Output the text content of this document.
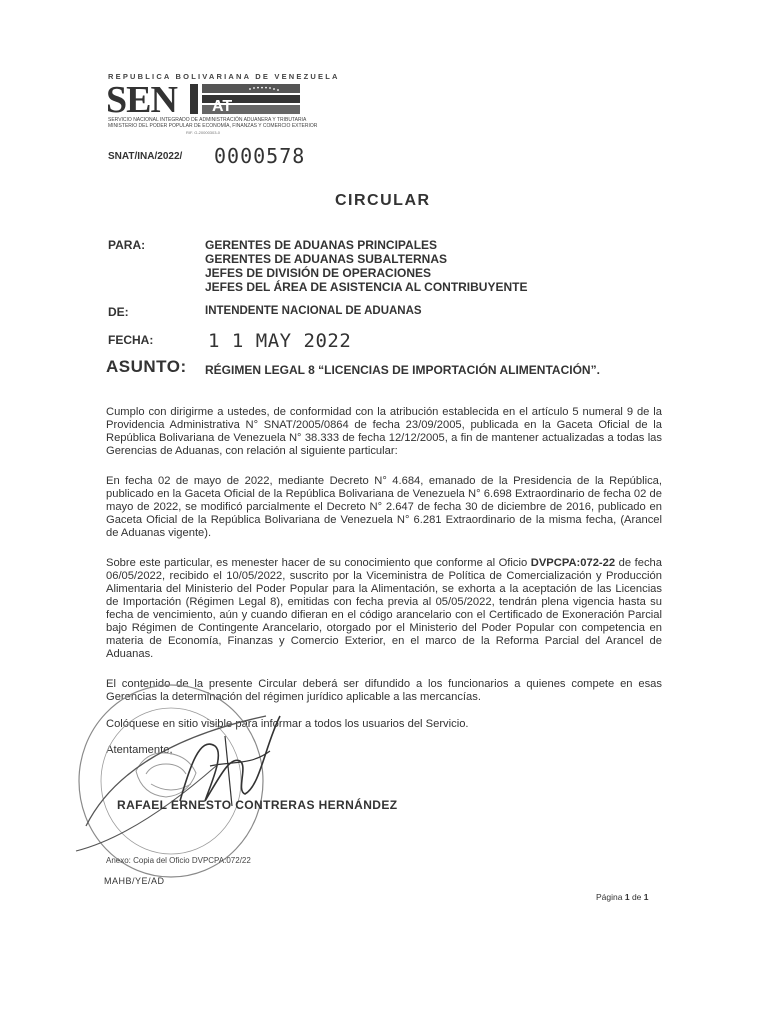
REPUBLICA BOLIVARIANA DE VENEZUELA
SEN AT
SERVICIO NACIONAL INTEGRADO DE ADMINISTRACIÓN ADUANERA Y TRIBUTARIA
MINISTERIO DEL PODER POPULAR DE ECONOMÍA, FINANZAS Y COMERCIO EXTERIOR
RIF. G-20000303-0
SNAT/INA/2022/ 0000578
CIRCULAR
PARA:	GERENTES DE ADUANAS PRINCIPALES
GERENTES DE ADUANAS SUBALTERNAS
JEFES DE DIVISIÓN DE OPERACIONES
JEFES DEL ÁREA DE ASISTENCIA AL CONTRIBUYENTE
DE:	INTENDENTE NACIONAL DE ADUANAS
FECHA:	1 1 MAY 2022
ASUNTO: RÉGIMEN LEGAL 8 “LICENCIAS DE IMPORTACIÓN ALIMENTACIÓN”.

Cumplo con dirigirme a ustedes, de conformidad con la atribución establecida en el artículo 5 numeral 9 de la Providencia Administrativa N° SNAT/2005/0864 de fecha 23/09/2005, publicada en la Gaceta Oficial de la República Bolivariana de Venezuela N° 38.333 de fecha 12/12/2005, a fin de mantener actualizadas a todas las Gerencias de Aduanas, con relación al siguiente particular:

En fecha 02 de mayo de 2022, mediante Decreto N° 4.684, emanado de la Presidencia de la República, publicado en la Gaceta Oficial de la República Bolivariana de Venezuela N° 6.698 Extraordinario de fecha 02 de mayo de 2022, se modificó parcialmente el Decreto N° 2.647 de fecha 30 de diciembre de 2016, publicado en Gaceta Oficial de la República Bolivariana de Venezuela N° 6.281 Extraordinario de la misma fecha, (Arancel de Aduanas vigente).

Sobre este particular, es menester hacer de su conocimiento que conforme al Oficio DVPCPA:072-22 de fecha 06/05/2022, recibido el 10/05/2022, suscrito por la Viceministra de Política de Comercialización y Producción Alimentaria del Ministerio del Poder Popular para la Alimentación, se exhorta a la aceptación de las Licencias de Importación (Régimen Legal 8), emitidas con fecha previa al 05/05/2022, tendrán plena vigencia hasta su fecha de vencimiento, aún y cuando difieran en el código arancelario con el Certificado de Exoneración Parcial bajo Régimen de Contingente Arancelario, otorgado por el Ministerio del Poder Popular con competencia en materia de Economía, Finanzas y Comercio Exterior, en el marco de la Reforma Parcial del Arancel de Aduanas.

El contenido de la presente Circular deberá ser difundido a los funcionarios a quienes compete en esas Gerencias la determinación del régimen jurídico aplicable a las mercancías.

Colóquese en sitio visible para informar a todos los usuarios del Servicio.
Atentamente,
RAFAEL ERNESTO CONTRERAS HERNÁNDEZ
Anexo: Copia del Oficio DVPCPA:072/22
MAHB/YE/AD
Página 1 de 1
